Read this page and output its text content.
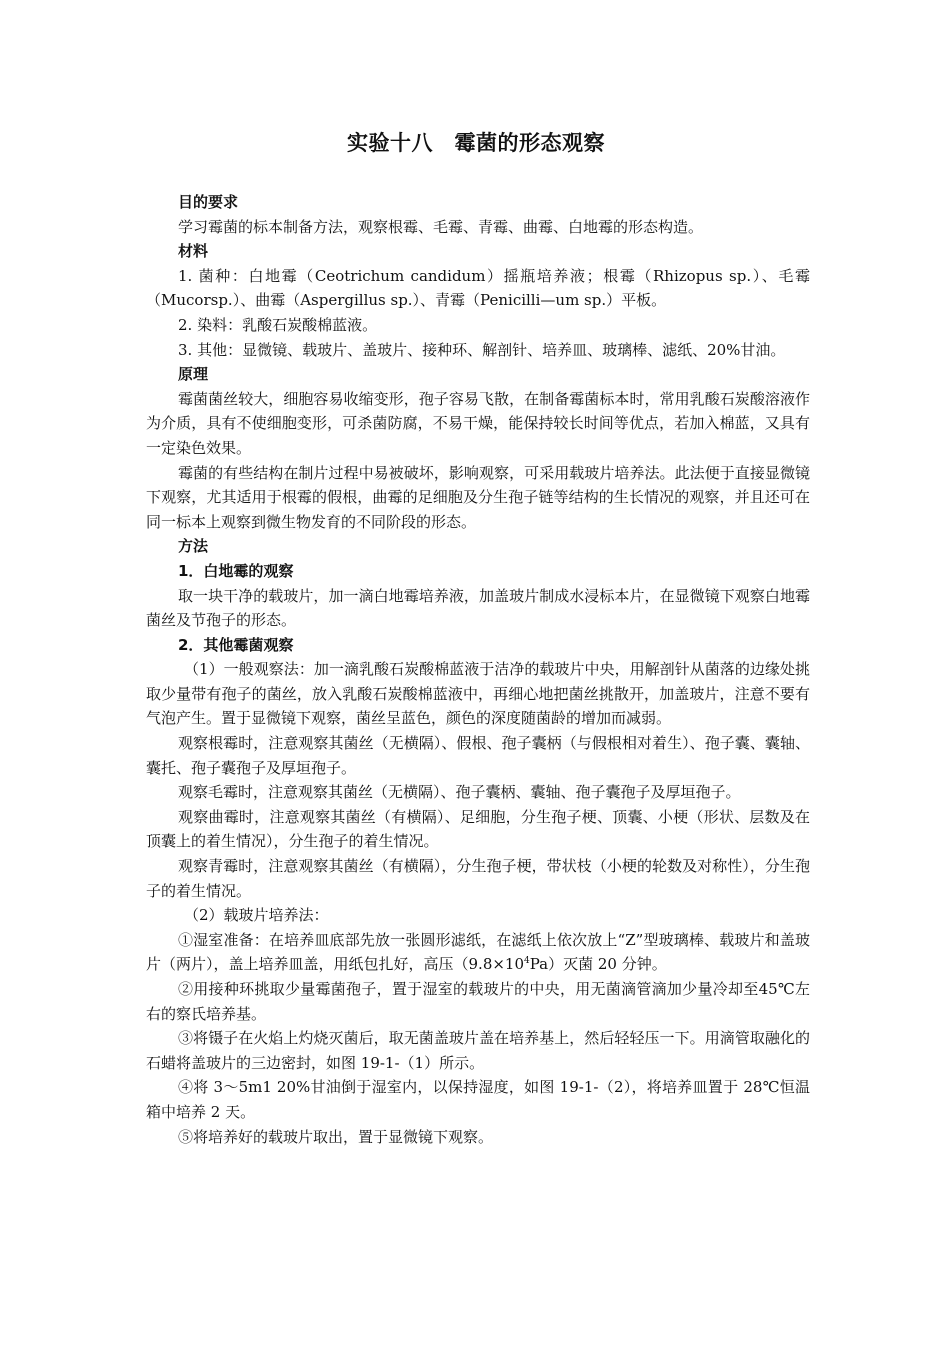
实验十八　霉菌的形态观察
目的要求

学习霉菌的标本制备方法，观察根霉、毛霉、青霉、曲霉、白地霉的形态构造。

材料

1. 菌种：白地霉（Ceotrichum candidum）摇瓶培养液；根霉（Rhizopus sp.）、毛霉（Mucorsp.）、曲霉（Aspergillus sp.）、青霉（Penicilli—um sp.）平板。

2. 染料：乳酸石炭酸棉蓝液。

3. 其他：显微镜、载玻片、盖玻片、接种环、解剖针、培养皿、玻璃棒、滤纸、20%甘油。

原理

霉菌菌丝较大，细胞容易收缩变形，孢子容易飞散，在制备霉菌标本时，常用乳酸石炭酸溶液作为介质，具有不使细胞变形，可杀菌防腐，不易干燥，能保持较长时间等优点，若加入棉蓝，又具有一定染色效果。

霉菌的有些结构在制片过程中易被破坏，影响观察，可采用载玻片培养法。此法便于直接显微镜下观察，尤其适用于根霉的假根，曲霉的足细胞及分生孢子链等结构的生长情况的观察，并且还可在同一标本上观察到微生物发育的不同阶段的形态。

方法
1．白地霉的观察

取一块干净的载玻片，加一滴白地霉培养液，加盖玻片制成水浸标本片，在显微镜下观察白地霉菌丝及节孢子的形态。

2．其他霉菌观察

（1）一般观察法：加一滴乳酸石炭酸棉蓝液于洁净的载玻片中央，用解剖针从菌落的边缘处挑取少量带有孢子的菌丝，放入乳酸石炭酸棉蓝液中，再细心地把菌丝挑散开，加盖玻片，注意不要有气泡产生。置于显微镜下观察，菌丝呈蓝色，颜色的深度随菌龄的增加而减弱。

观察根霉时，注意观察其菌丝（无横隔）、假根、孢子囊柄（与假根相对着生）、孢子囊、囊轴、囊托、孢子囊孢子及厚垣孢子。

观察毛霉时，注意观察其菌丝（无横隔）、孢子囊柄、囊轴、孢子囊孢子及厚垣孢子。

观察曲霉时，注意观察其菌丝（有横隔）、足细胞，分生孢子梗、顶囊、小梗（形状、层数及在顶囊上的着生情况），分生孢子的着生情况。

观察青霉时，注意观察其菌丝（有横隔），分生孢子梗，带状枝（小梗的轮数及对称性），分生孢子的着生情况。

（2）载玻片培养法：

①湿室准备：在培养皿底部先放一张圆形滤纸，在滤纸上依次放上“Z”型玻璃棒、载玻片和盖玻片（两片），盖上培养皿盖，用纸包扎好，高压$(9.8\times 10^4Pa)$灭菌 20 分钟。

②用接种环挑取少量霉菌孢子，置于湿室的载玻片的中央，用无菌滴管滴加少量冷却至45℃左右的察氏培养基。

③将镊子在火焰上灼烧灭菌后，取无菌盖玻片盖在培养基上，然后轻轻压一下。用滴管取融化的石蜡将盖玻片的三边密封，如图 19-1-（1）所示。

④将 3～5m1 20%甘油倒于湿室内，以保持湿度，如图 19-1-（2），将培养皿置于 28℃恒温箱中培养 2 天。

⑤将培养好的载玻片取出，置于显微镜下观察。
